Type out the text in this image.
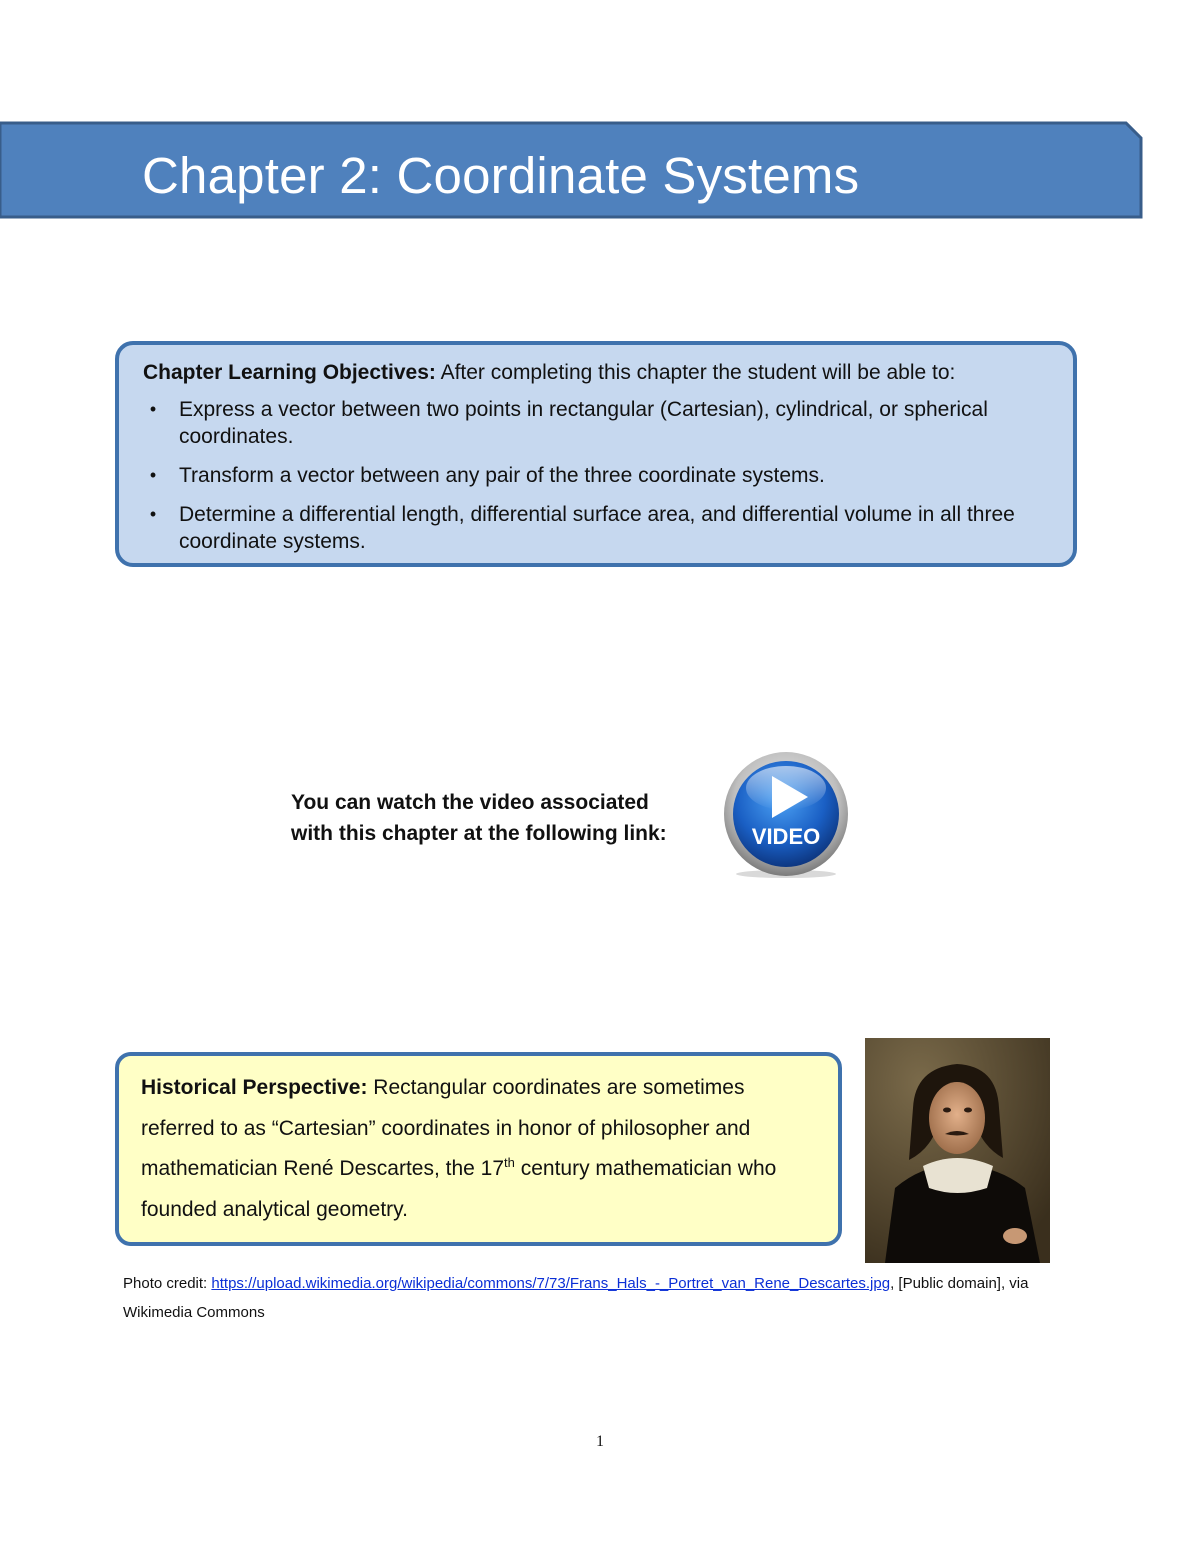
Chapter 2: Coordinate Systems
Chapter Learning Objectives: After completing this chapter the student will be able to:
•	Express a vector between two points in rectangular (Cartesian), cylindrical, or spherical coordinates.
•	Transform a vector between any pair of the three coordinate systems.
•	Determine a differential length, differential surface area, and differential volume in all three coordinate systems.
You can watch the video associated
with this chapter at the following link:	VIDEO
Historical Perspective: Rectangular coordinates are sometimes referred to as “Cartesian” coordinates in honor of philosopher and mathematician René Descartes, the 17th century mathematician who founded analytical geometry.
Photo credit: https://upload.wikimedia.org/wikipedia/commons/7/73/Frans_Hals_-_Portret_van_Rene_Descartes.jpg, [Public domain], via Wikimedia Commons
1
